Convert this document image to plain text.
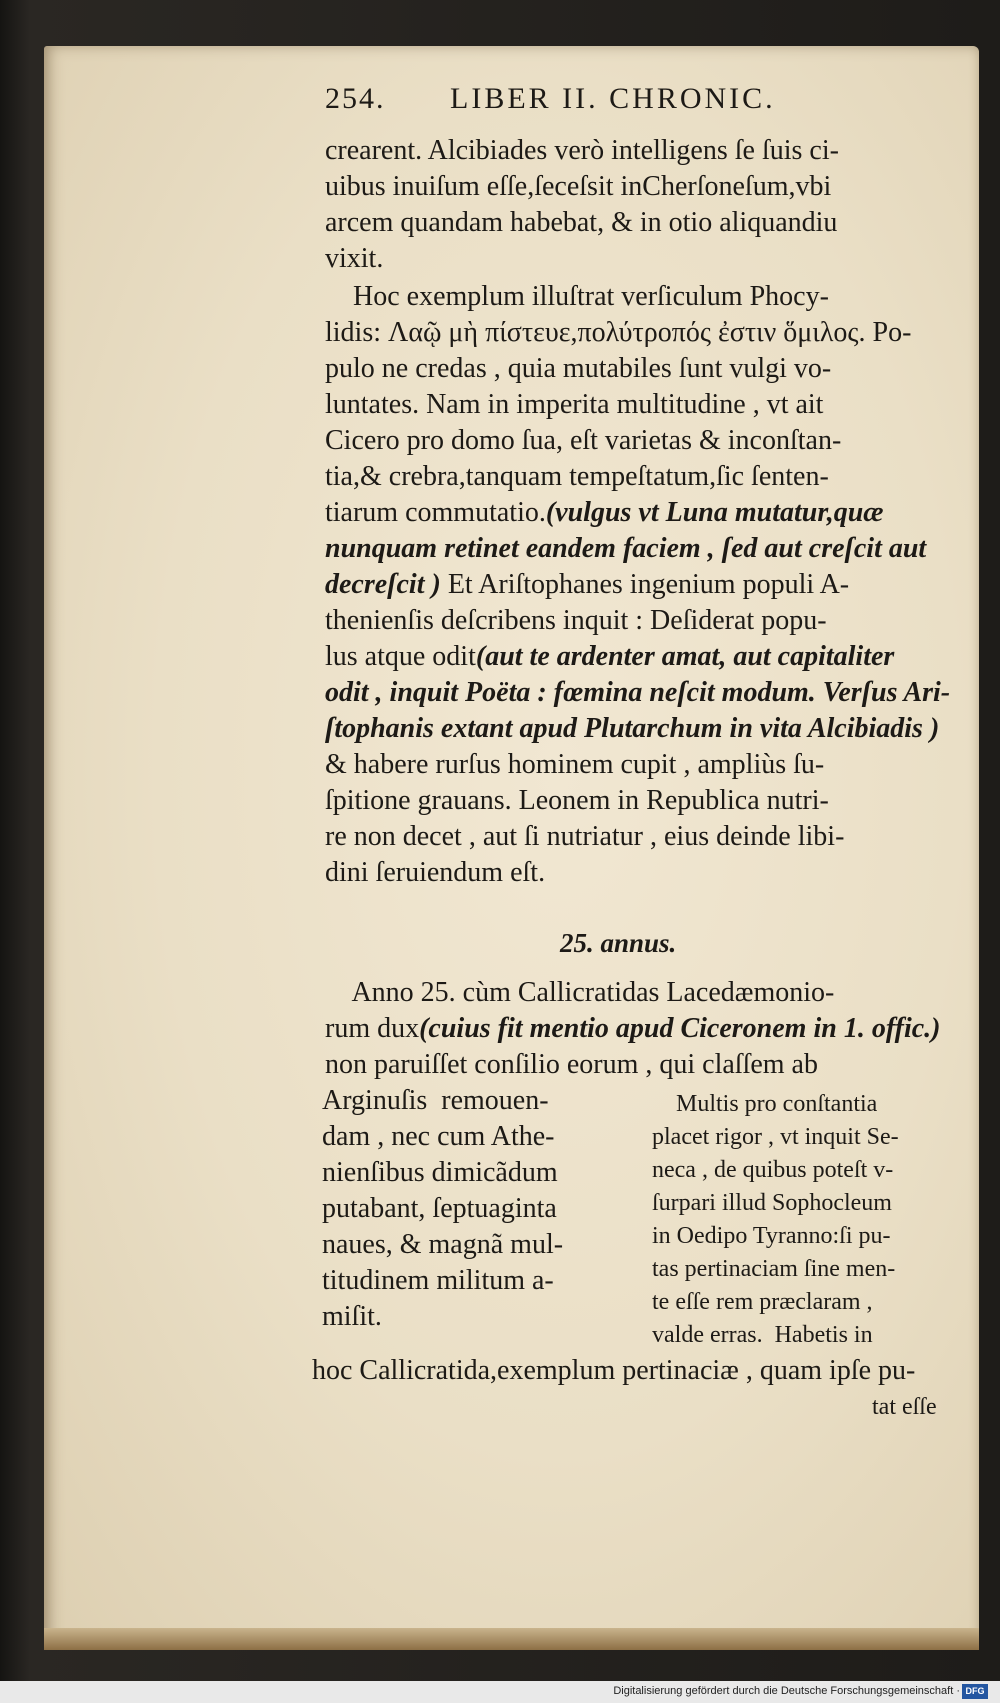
254. LIBER II. CHRONIC.
crearent. Alcibiades verò intelligens ſe ſuis ci-
uibus inuiſum eſſe,ſeceſsit inCherſoneſum,vbi
arcem quandam habebat, & in otio aliquandiu
vixit.
Hoc exemplum illuſtrat verſiculum Phocy-
lidis: Λαῷ μὴ πίστευε,πολύτροπός ἐστιν ὅμιλος. Po-
pulo ne credas , quia mutabiles ſunt vulgi vo-
luntates. Nam in imperita multitudine , vt ait
Cicero pro domo ſua, eſt varietas & inconſtan-
tia,& crebra,tanquam tempeſtatum,ſic ſenten-
tiarum commutatio.(vulgus vt Luna mutatur,quæ
nunquam retinet eandem faciem , ſed aut creſcit aut
decreſcit ) Et Ariſtophanes ingenium populi A-
thenienſis deſcribens inquit : Deſiderat popu-
lus atque odit(aut te ardenter amat, aut capitaliter
odit , inquit Poëta : fœmina neſcit modum. Verſus Ari-
ſtophanis extant apud Plutarchum in vita Alcibiadis )
& habere rurſus hominem cupit , ampliùs ſu-
ſpitione grauans. Leonem in Republica nutri-
re non decet , aut ſi nutriatur , eius deinde libi-
dini ſeruiendum eſt.
25. annus.
Anno 25. cùm Callicratidas Lacedæmonio-
rum dux(cuius fit mentio apud Ciceronem in 1. offic.)
non paruiſſet conſilio eorum , qui claſſem ab
Arginuſis  remouen-
dam , nec cum Athe-
nienſibus dimicãdum
putabant, ſeptuaginta
naues, & magnã mul-
titudinem militum a-
miſit.
Multis pro conſtantia
placet rigor , vt inquit Se-
neca , de quibus poteſt v-
ſurpari illud Sophocleum
in Oedipo Tyranno:ſi pu-
tas pertinaciam ſine men-
te eſſe rem præclaram ,
valde erras.  Habetis in
hoc Callicratida,exemplum pertinaciæ , quam ipſe pu-
tat eſſe
Digitalisierung gefördert durch die Deutsche Forschungsgemeinschaft · DFG
